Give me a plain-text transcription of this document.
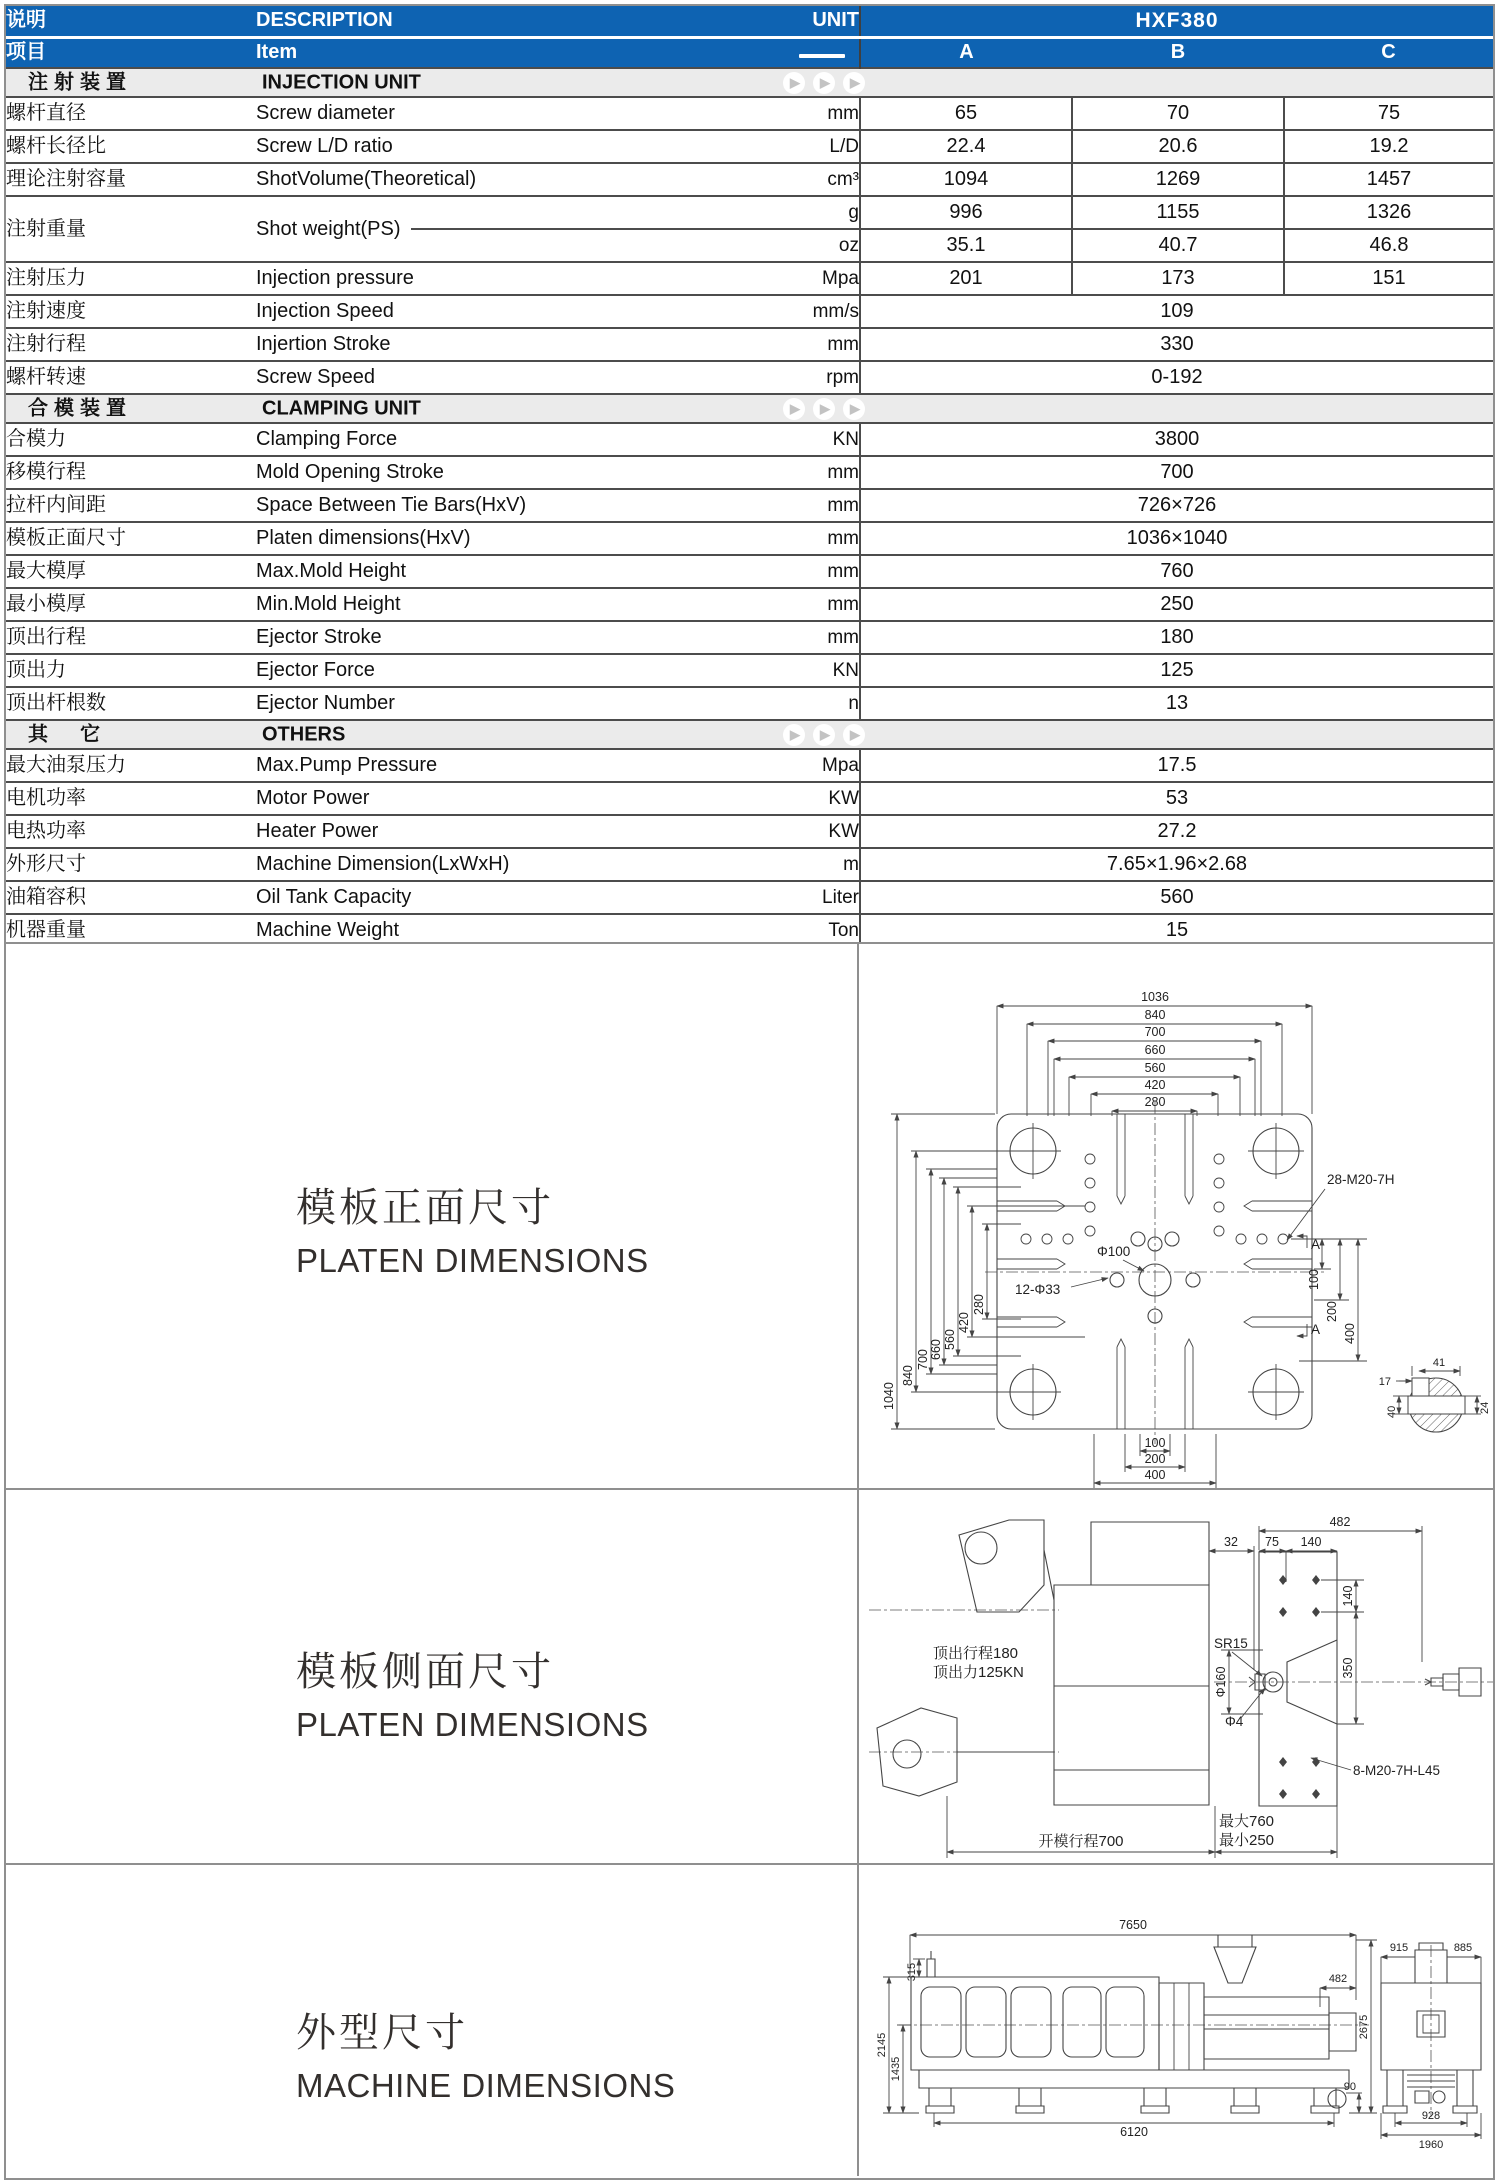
说明	DESCRIPTION	UNIT	HXF380		
项目	Item		A	B	C

注射装置 INJECTION UNIT ▶ ▶ ▶					

螺杆直径	Screw diameter	mm	65	70	75
螺杆长径比	Screw L/D ratio	L/D	22.4	20.6	19.2
理论注射容量	ShotVolume(Theoretical)	cm³	1094	1269	1457
注射重量	Shot weight(PS)	g	996	1155	1326
		oz	35.1	40.7	46.8
注射压力	Injection pressure	Mpa	201	173	151
注射速度	Injection Speed	mm/s	109		
注射行程	Injertion Stroke	mm	330		
螺杆转速	Screw Speed	rpm	0-192		

合模装置 CLAMPING UNIT ▶ ▶ ▶					

合模力	Clamping Force	KN	3800		
移模行程	Mold Opening Stroke	mm	700		
拉杆内间距	Space Between Tie Bars(HxV)	mm	726×726		
模板正面尺寸	Platen dimensions(HxV)	mm	1036×1040		
最大模厚	Max.Mold Height	mm	760		
最小模厚	Min.Mold Height	mm	250		
顶出行程	Ejector Stroke	mm	180		
顶出力	Ejector Force	KN	125		
顶出杆根数	Ejector Number	n	13		

其　它 OTHERS ▶ ▶ ▶					

最大油泵压力	Max.Pump Pressure	Mpa	17.5		
电机功率	Motor Power	KW	53		
电热功率	Heater Power	KW	27.2		
外形尺寸	Machine Dimension(LxWxH)	m	7.65×1.96×2.68		
油箱容积	Oil Tank Capacity	Liter	560		
机器重量	Machine Weight	Ton	15		
模板正面尺寸
PLATEN DIMENSIONS
1036
840
700
660
560
420
280
1040
840
700 660 560
420
280
100
200
400
A
A
28-M20-7H
12-Φ33
Φ100
100
200
400
41
17
40	24
模板侧面尺寸
PLATEN DIMENSIONS
482
32 75 140
140
350
SR15
Φ160
Φ4
顶出行程180
顶出力125KN
8-M20-7H-L45
开模行程700
最大760
最小250
外型尺寸
MACHINE DIMENSIONS
7650
315
2145
1435
482
2675
90
6120
915	885
928
1960
